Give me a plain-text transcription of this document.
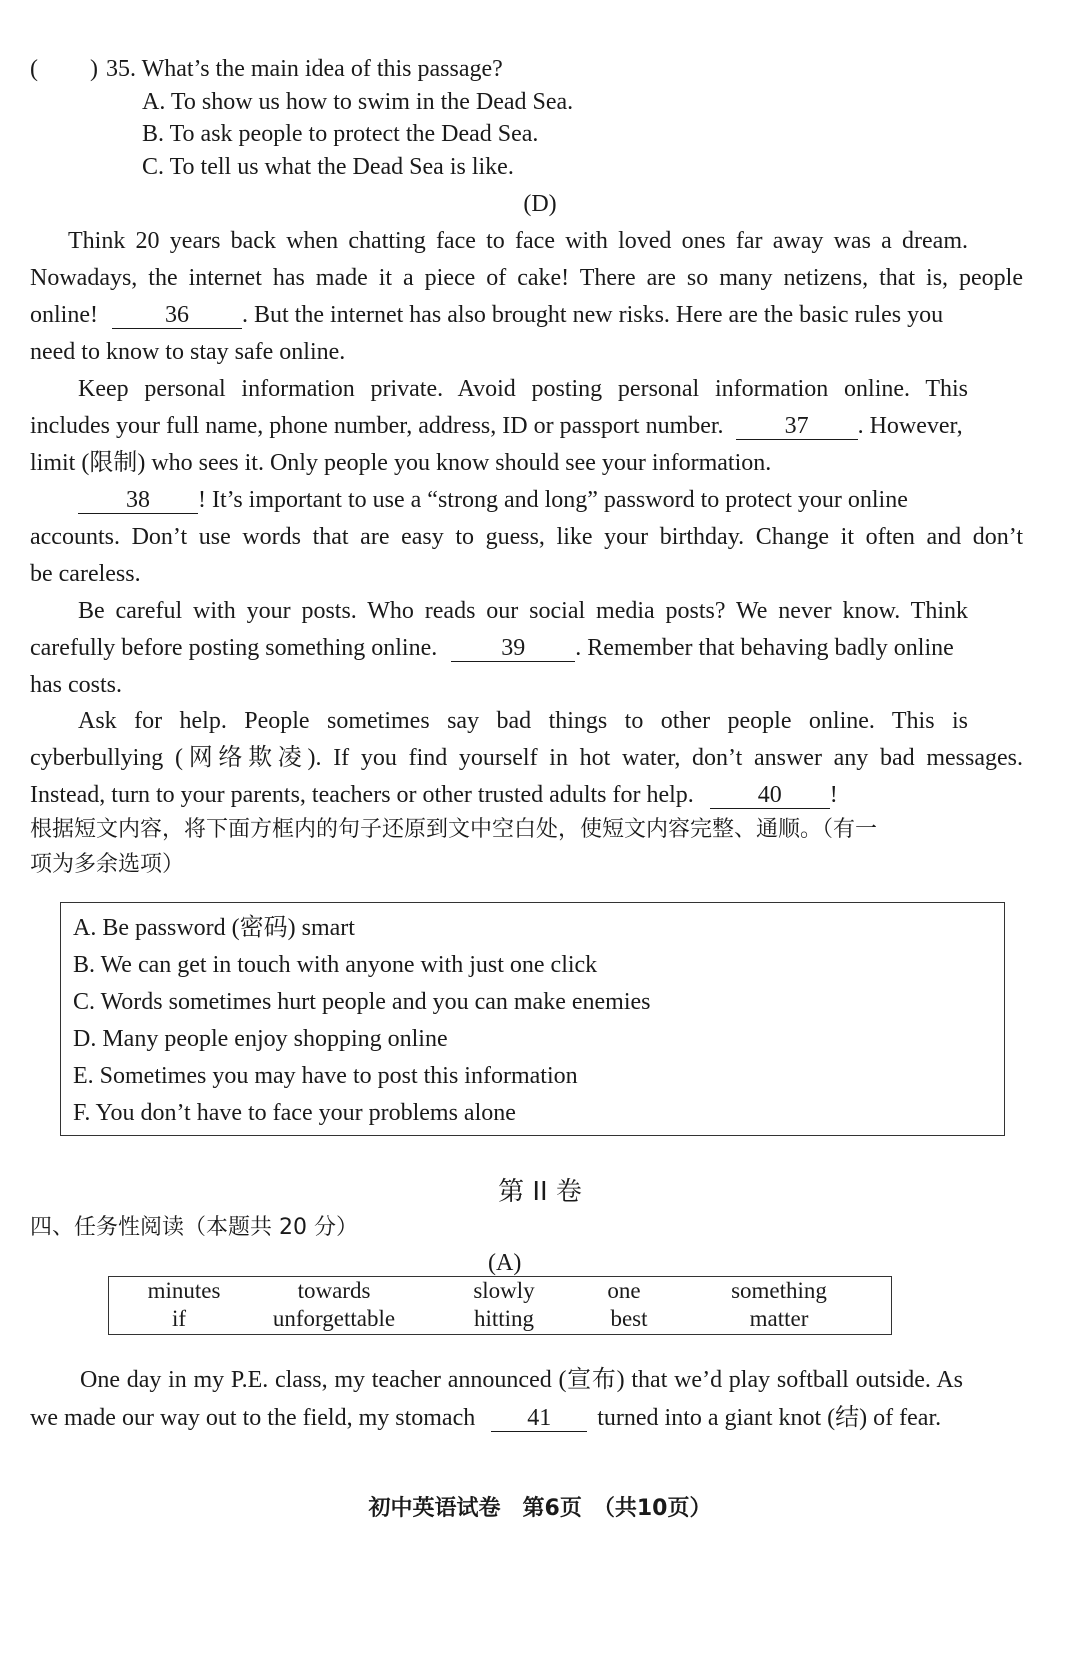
( ) 35. What’s the main idea of this passage?
A. To show us how to swim in the Dead Sea.
B. To ask people to protect the Dead Sea.
C. To tell us what the Dead Sea is like.
(D)
Think 20 years back when chatting face to face with loved ones far away was a dream.
Nowadays, the internet has made it a piece of cake! There are so many netizens, that is, people
online!	36 . But the internet has also brought new risks. Here are the basic rules you
need to know to stay safe online.
Keep personal information private. Avoid posting personal information online. This
includes your full name, phone number, address, ID or passport number.	37 . However,
limit (限制) who sees it. Only people you know should see your information.
38 ! It’s important to use a “strong and long” password to protect your online
accounts. Don’t use words that are easy to guess, like your birthday. Change it often and don’t
be careless.
Be careful with your posts. Who reads our social media posts? We never know. Think
carefully before posting something online.	39 . Remember that behaving badly online
has costs.
Ask for help. People sometimes say bad things to other people online. This is
cyberbullying (网络欺凌). If you find yourself in hot water, don’t answer any bad messages.
Instead, turn to your parents, teachers or other trusted adults for help.	40 !
根据短文内容，将下面方框内的句子还原到文中空白处，使短文内容完整、通顺。（有一
项为多余选项）
A. Be password (密码) smart
B. We can get in touch with anyone with just one click
C. Words sometimes hurt people and you can make enemies
D. Many people enjoy shopping online
E. Sometimes you may have to post this information
F. You don’t have to face your problems alone
第 II 卷
四、任务性阅读（本题共 20 分）
(A)
minutes	towards	slowly	one	something
if	unforgettable	hitting	best	matter
One day in my P.E. class, my teacher announced (宣布) that we’d play softball outside. As
we made our way out to the field, my stomach 41 turned into a giant knot (结) of fear.
初中英语试卷　第6页　（共10页）
